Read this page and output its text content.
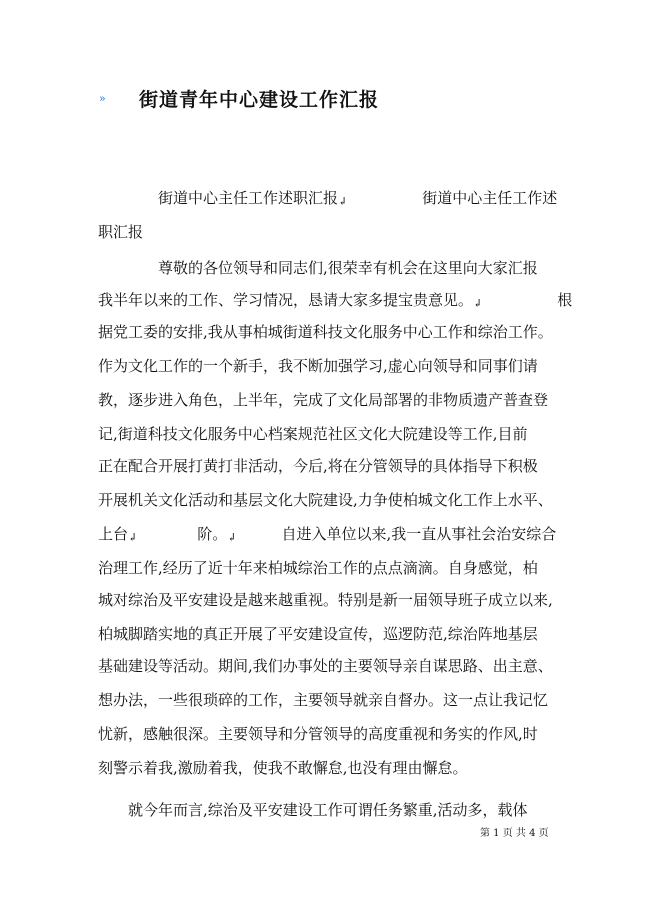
» 街道青年中心建设工作汇报
　　　　街道中心主任工作述职汇报↲　　　　　街道中心主任工作述
职汇报
　　　　尊敬的各位领导和同志们,很荣幸有机会在这里向大家汇报
我半年以来的工作、学习情况，恳请大家多提宝贵意见。↲　　　　　根
据党工委的安排,我从事柏城街道科技文化服务中心工作和综治工作。
作为文化工作的一个新手，我不断加强学习,虚心向领导和同事们请
教，逐步进入角色，上半年，完成了文化局部署的非物质遗产普查登
记,街道科技文化服务中心档案规范社区文化大院建设等工作,目前
正在配合开展打黄打非活动，今后,将在分管领导的具体指导下积极
开展机关文化活动和基层文化大院建设,力争使柏城文化工作上水平、
上台↲　　　　阶。↲　　　自进入单位以来,我一直从事社会治安综合
治理工作,经历了近十年来柏城综治工作的点点滴滴。自身感觉，柏
城对综治及平安建设是越来越重视。特别是新一届领导班子成立以来,
柏城脚踏实地的真正开展了平安建设宣传，巡逻防范,综治阵地基层
基础建设等活动。期间,我们办事处的主要领导亲自谋思路、出主意、
想办法，一些很琐碎的工作，主要领导就亲自督办。这一点让我记忆
忧新，感触很深。主要领导和分管领导的高度重视和务实的作风,时
刻警示着我,激励着我，使我不敢懈怠,也没有理由懈怠。
　　就今年而言,综治及平安建设工作可谓任务繁重,活动多，载体
第 1 页 共 4 页
